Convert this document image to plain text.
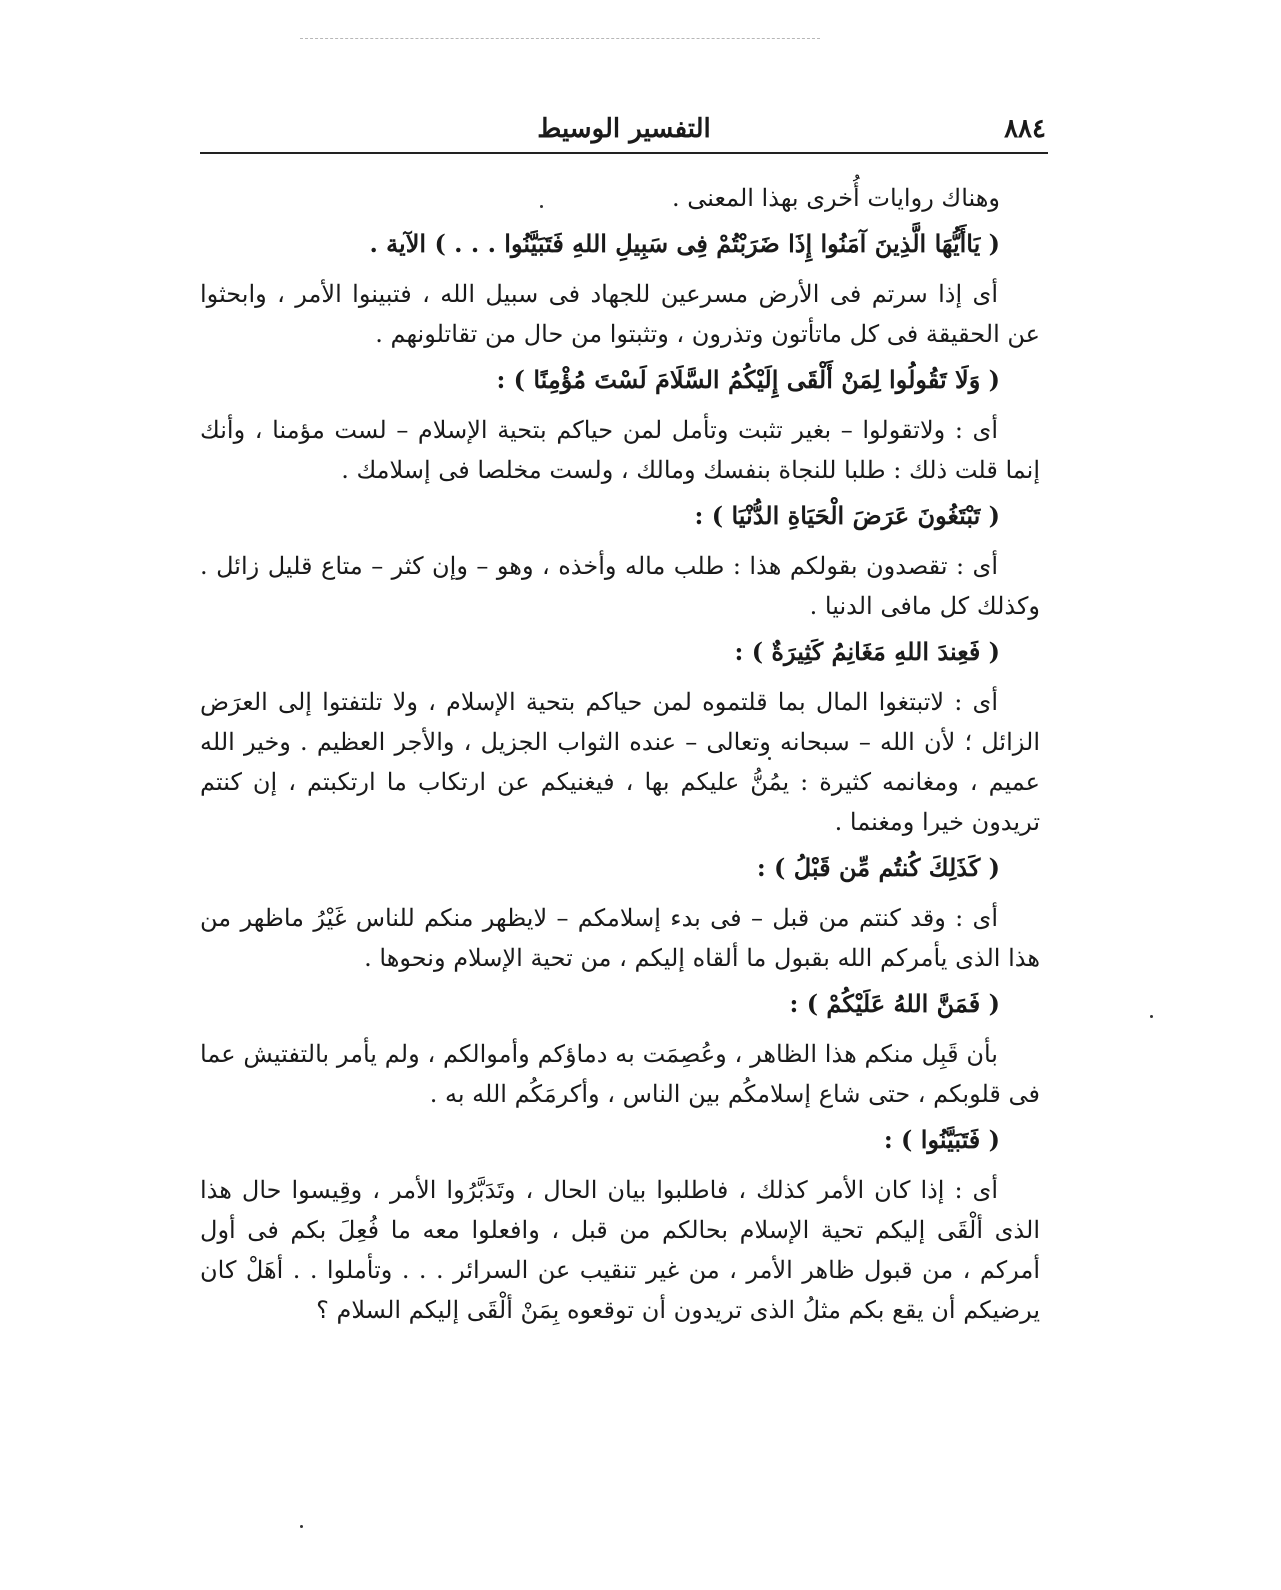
٨٨٤
التفسير الوسيط

وهناك روايات أُخرى بهذا المعنى .

( يَاأَيُّهَا الَّذِينَ آمَنُوا إِذَا ضَرَبْتُمْ فِى سَبِيلِ اللهِ فَتَبَيَّنُوا . . . ) الآية .

أى إذا سرتم فى الأرض مسرعين للجهاد فى سبيل الله ، فتبينوا الأمر ، وابحثوا عن الحقيقة فى كل ماتأتون وتذرون ، وتثبتوا من حال من تقاتلونهم .

( وَلَا تَقُولُوا لِمَنْ أَلْقَى إِلَيْكُمُ السَّلَامَ لَسْتَ مُؤْمِنًا ) :

أى : ولاتقولوا – بغير تثبت وتأمل لمن حياكم بتحية الإسلام – لست مؤمنا ، وأنك إنما قلت ذلك : طلبا للنجاة بنفسك ومالك ، ولست مخلصا فى إسلامك .

( تَبْتَغُونَ عَرَضَ الْحَيَاةِ الدُّنْيَا ) :

أى : تقصدون بقولكم هذا : طلب ماله وأخذه ، وهو – وإن كثر – متاع قليل زائل . وكذلك كل مافى الدنيا .

( فَعِندَ اللهِ مَغَانِمُ كَثِيرَةٌ ) :

أى : لاتبتغوا المال بما قلتموه لمن حياكم بتحية الإسلام ، ولا تلتفتوا إلى العرَض الزائل ؛ لأن الله – سبحانه وتعالى – عنده الثواب الجزيل ، والأجر العظيم . وخير الله عميم ، ومغانمه كثيرة : يمُنُّ عليكم بها ، فيغنيكم عن ارتكاب ما ارتكبتم ، إن كنتم تريدون خيرا ومغنما .

( كَذَلِكَ كُنتُم مِّن قَبْلُ ) :

أى : وقد كنتم من قبل – فى بدء إسلامكم – لايظهر منكم للناس غَيْرُ ماظهر من هذا الذى يأمركم الله بقبول ما ألقاه إليكم ، من تحية الإسلام ونحوها .

( فَمَنَّ اللهُ عَلَيْكُمْ ) :

بأن قَبِل منكم هذا الظاهر ، وعُصِمَت به دماؤكم وأموالكم ، ولم يأمر بالتفتيش عما فى قلوبكم ، حتى شاع إسلامكُم بين الناس ، وأكرمَكُم الله به .

( فَتَبَيَّنُوا ) :

أى : إذا كان الأمر كذلك ، فاطلبوا بيان الحال ، وتَدَبَّرُوا الأمر ، وقِيسوا حال هذا الذى ألْقَى إليكم تحية الإسلام بحالكم من قبل ، وافعلوا معه ما فُعِلَ بكم فى أول أمركم ، من قبول ظاهر الأمر ، من غير تنقيب عن السرائر . . . وتأملوا . . أهَلْ كان يرضيكم أن يقع بكم مثلُ الذى تريدون أن توقعوه بِمَنْ ألْقَى إليكم السلام ؟
